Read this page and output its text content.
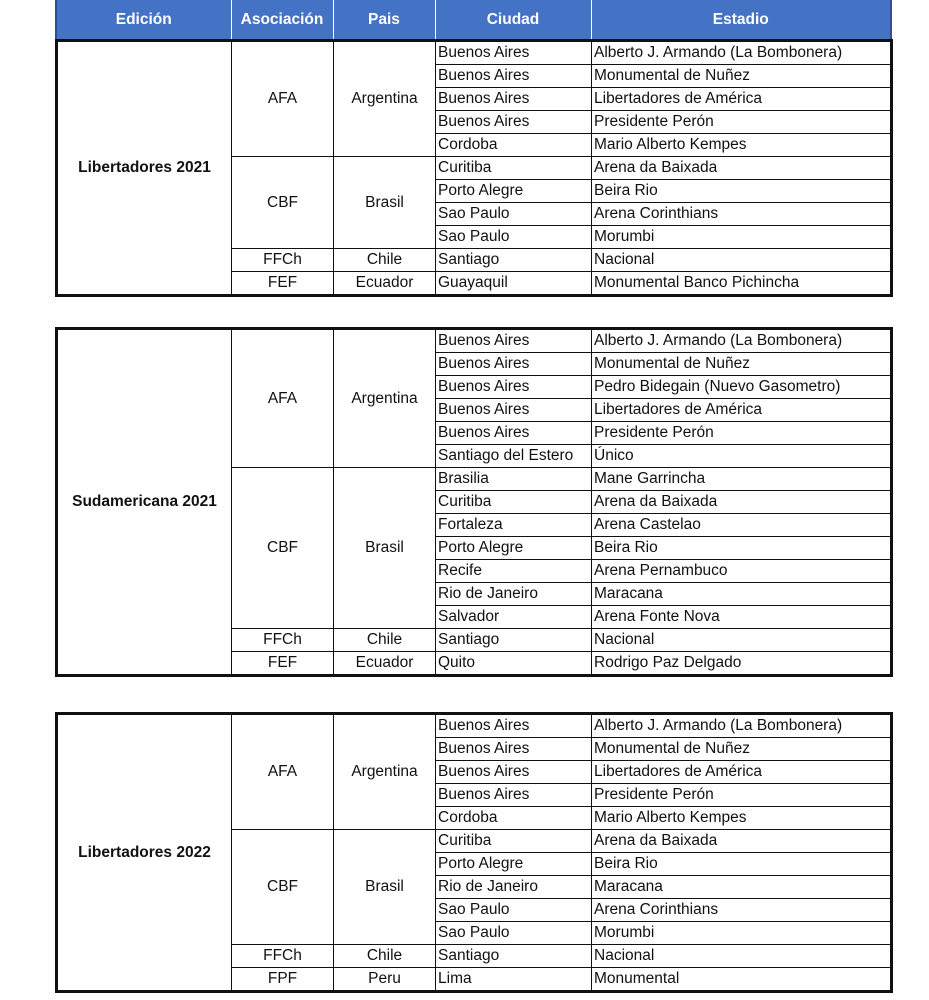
Edición	Asociación	Pais	Ciudad	Estadio
Libertadores 2021	AFA	Argentina	Buenos Aires	Alberto J. Armando (La Bombonera)
			Buenos Aires	Monumental de Nuñez
			Buenos Aires	Libertadores de América
			Buenos Aires	Presidente Perón
			Cordoba	Mario Alberto Kempes
	CBF	Brasil	Curitiba	Arena da Baixada
			Porto Alegre	Beira Rio
			Sao Paulo	Arena Corinthians
			Sao Paulo	Morumbi
	FFCh	Chile	Santiago	Nacional
	FEF	Ecuador	Guayaquil	Monumental Banco Pichincha
Sudamericana 2021	AFA	Argentina	Buenos Aires	Alberto J. Armando (La Bombonera)
			Buenos Aires	Monumental de Nuñez
			Buenos Aires	Pedro Bidegain (Nuevo Gasometro)
			Buenos Aires	Libertadores de América
			Buenos Aires	Presidente Perón
			Santiago del Estero	Único
	CBF	Brasil	Brasilia	Mane Garrincha
			Curitiba	Arena da Baixada
			Fortaleza	Arena Castelao
			Porto Alegre	Beira Rio
			Recife	Arena Pernambuco
			Rio de Janeiro	Maracana
			Salvador	Arena Fonte Nova
	FFCh	Chile	Santiago	Nacional
	FEF	Ecuador	Quito	Rodrigo Paz Delgado
Libertadores 2022	AFA	Argentina	Buenos Aires	Alberto J. Armando (La Bombonera)
			Buenos Aires	Monumental de Nuñez
			Buenos Aires	Libertadores de América
			Buenos Aires	Presidente Perón
			Cordoba	Mario Alberto Kempes
	CBF	Brasil	Curitiba	Arena da Baixada
			Porto Alegre	Beira Rio
			Rio de Janeiro	Maracana
			Sao Paulo	Arena Corinthians
			Sao Paulo	Morumbi
	FFCh	Chile	Santiago	Nacional
	FPF	Peru	Lima	Monumental
